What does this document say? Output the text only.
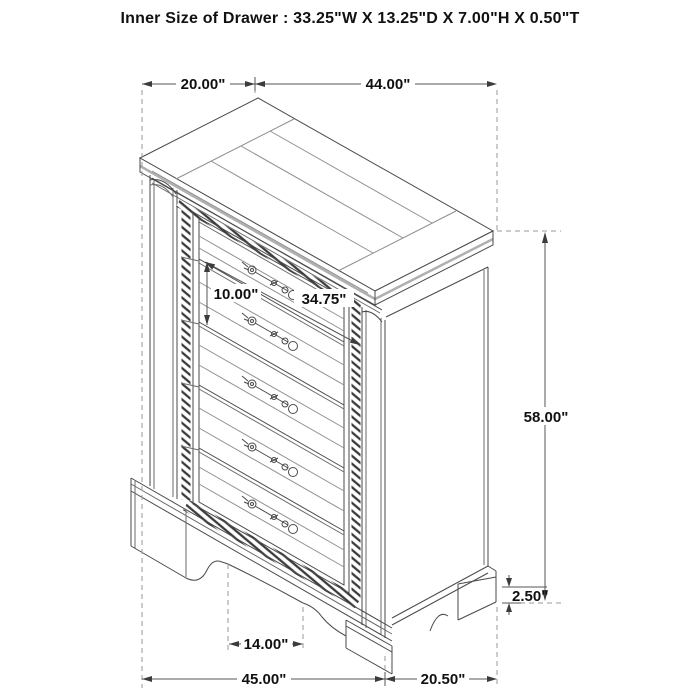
Inner Size of Drawer : 33.25"W X 13.25"D X 7.00"H X 0.50"T
20.00"	44.00"
58.00"
2.50"
10.00"	34.75"
14.00"
45.00"	20.50"
